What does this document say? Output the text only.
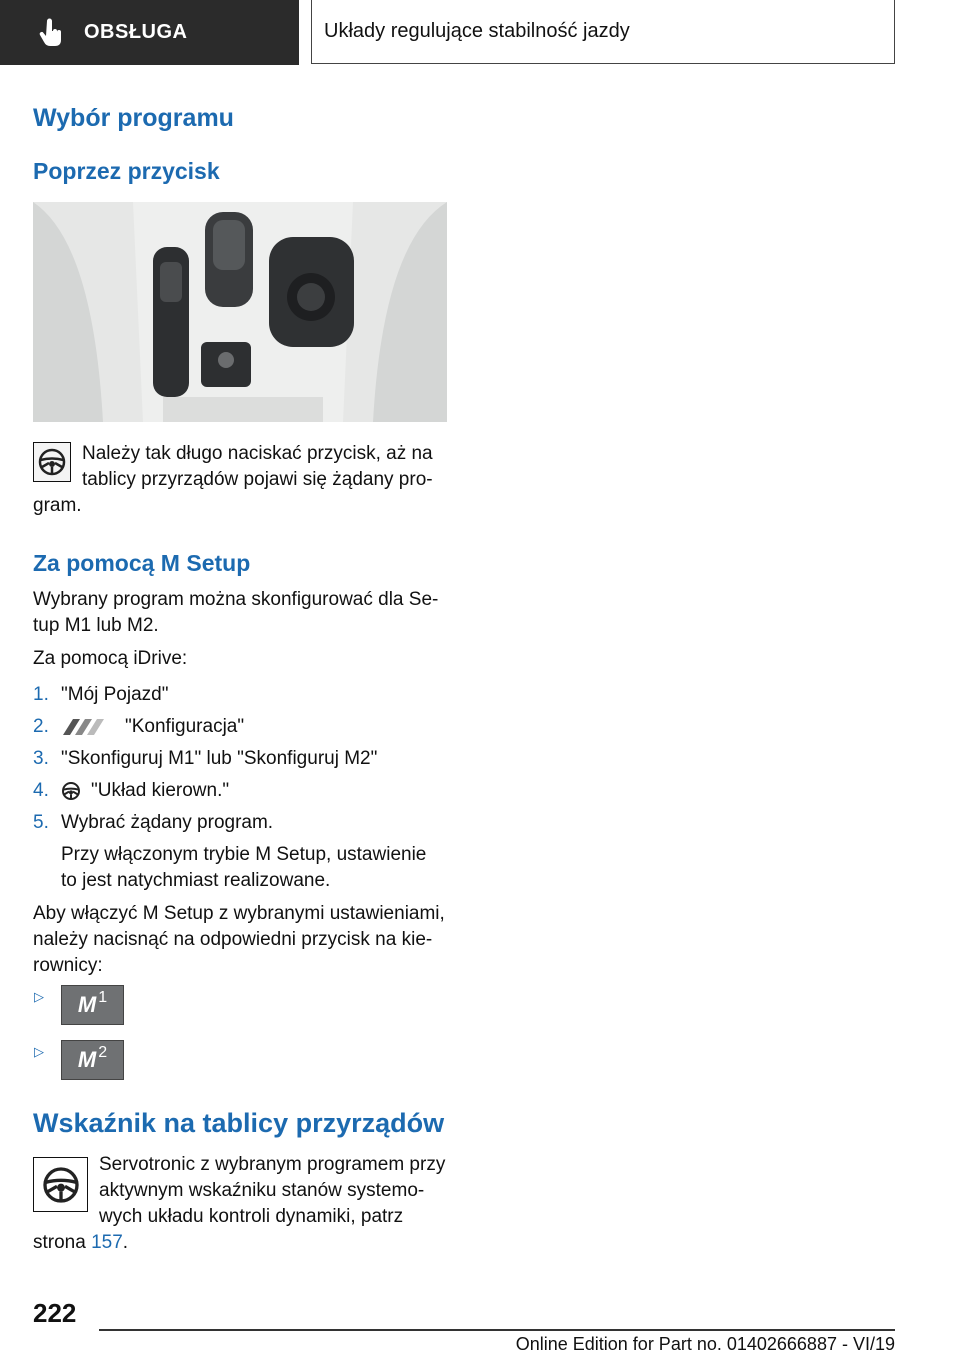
OBSŁUGA	Układy regulujące stabilność jazdy
Wybór programu
Poprzez przycisk

Należy tak długo naciskać przycisk, aż na

tablicy przyrządów pojawi się żądany pro-

gram.

Za pomocą M Setup

Wybrany program można skonfigurować dla Se-

tup M1 lub M2.

Za pomocą iDrive:

1. "Mój Pojazd"
2.	"Konfiguracja"
3. "Skonfiguruj M1" lub "Skonfiguruj M2"
4.	"Układ kierown."
5. Wybrać żądany program.

Przy włączonym trybie M Setup, ustawienie

to jest natychmiast realizowane.

Aby włączyć M Setup z wybranymi ustawieniami,

należy nacisnąć na odpowiedni przycisk na kie-

rownicy:

▷ M 1
▷ M 2
Wskaźnik na tablicy przyrządów

Servotronic z wybranym programem przy

aktywnym wskaźniku stanów systemo-

wych układu kontroli dynamiki, patrz

strona 157.

222
Online Edition for Part no. 01402666887 - VI/19
